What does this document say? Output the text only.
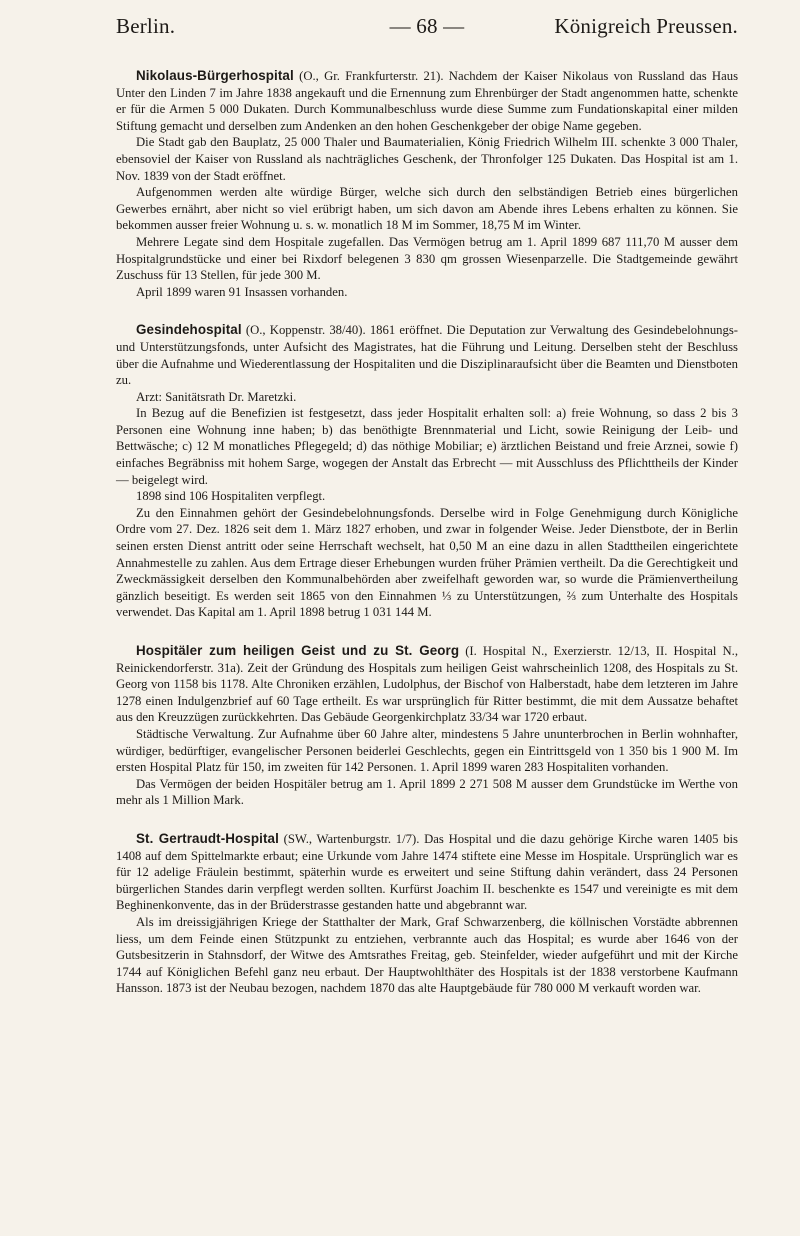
Berlin.	— 68 —	Königreich Preussen.

Nikolaus-Bürgerhospital (O., Gr. Frankfurterstr. 21). Nachdem der Kaiser Nikolaus von Russland das Haus Unter den Linden 7 im Jahre 1838 angekauft und die Ernennung zum Ehrenbürger der Stadt angenommen hatte, schenkte er für die Armen 5 000 Dukaten. Durch Kommunalbeschluss wurde diese Summe zum Fundationskapital einer milden Stiftung gemacht und derselben zum Andenken an den hohen Geschenkgeber der obige Name gegeben.

Die Stadt gab den Bauplatz, 25 000 Thaler und Baumaterialien, König Friedrich Wilhelm III. schenkte 3 000 Thaler, ebensoviel der Kaiser von Russland als nachträgliches Geschenk, der Thronfolger 125 Dukaten. Das Hospital ist am 1. Nov. 1839 von der Stadt eröffnet.

Aufgenommen werden alte würdige Bürger, welche sich durch den selbständigen Betrieb eines bürgerlichen Gewerbes ernährt, aber nicht so viel erübrigt haben, um sich davon am Abende ihres Lebens erhalten zu können. Sie bekommen ausser freier Wohnung u. s. w. monatlich 18 M im Sommer, 18,75 M im Winter.

Mehrere Legate sind dem Hospitale zugefallen. Das Vermögen betrug am 1. April 1899 687 111,70 M ausser dem Hospitalgrundstücke und einer bei Rixdorf belegenen 3 830 qm grossen Wiesenparzelle. Die Stadtgemeinde gewährt Zuschuss für 13 Stellen, für jede 300 M.

April 1899 waren 91 Insassen vorhanden.

Gesindehospital (O., Koppenstr. 38/40). 1861 eröffnet. Die Deputation zur Verwaltung des Gesindebelohnungs- und Unterstützungsfonds, unter Aufsicht des Magistrates, hat die Führung und Leitung. Derselben steht der Beschluss über die Aufnahme und Wiederentlassung der Hospitaliten und die Disziplinaraufsicht über die Beamten und Dienstboten zu.

Arzt: Sanitätsrath Dr. Maretzki.

In Bezug auf die Benefizien ist festgesetzt, dass jeder Hospitalit erhalten soll: a) freie Wohnung, so dass 2 bis 3 Personen eine Wohnung inne haben; b) das benöthigte Brennmaterial und Licht, sowie Reinigung der Leib- und Bettwäsche; c) 12 M monatliches Pflegegeld; d) das nöthige Mobiliar; e) ärztlichen Beistand und freie Arznei, sowie f) einfaches Begräbniss mit hohem Sarge, wogegen der Anstalt das Erbrecht — mit Ausschluss des Pflichttheils der Kinder — beigelegt wird.

1898 sind 106 Hospitaliten verpflegt.

Zu den Einnahmen gehört der Gesindebelohnungsfonds. Derselbe wird in Folge Genehmigung durch Königliche Ordre vom 27. Dez. 1826 seit dem 1. März 1827 erhoben, und zwar in folgender Weise. Jeder Dienstbote, der in Berlin seinen ersten Dienst antritt oder seine Herrschaft wechselt, hat 0,50 M an eine dazu in allen Stadttheilen eingerichtete Annahmestelle zu zahlen. Aus dem Ertrage dieser Erhebungen wurden früher Prämien vertheilt. Da die Gerechtigkeit und Zweckmässigkeit derselben den Kommunalbehörden aber zweifelhaft geworden war, so wurde die Prämienvertheilung gänzlich beseitigt. Es werden seit 1865 von den Einnahmen ⅓ zu Unterstützungen, ⅔ zum Unterhalte des Hospitals verwendet. Das Kapital am 1. April 1898 betrug 1 031 144 M.

Hospitäler zum heiligen Geist und zu St. Georg (I. Hospital N., Exerzierstr. 12/13, II. Hospital N., Reinickendorferstr. 31a). Zeit der Gründung des Hospitals zum heiligen Geist wahrscheinlich 1208, des Hospitals zu St. Georg von 1158 bis 1178. Alte Chroniken erzählen, Ludolphus, der Bischof von Halberstadt, habe dem letzteren im Jahre 1278 einen Indulgenzbrief auf 60 Tage ertheilt. Es war ursprünglich für Ritter bestimmt, die mit dem Aussatze behaftet aus den Kreuzzügen zurückkehrten. Das Gebäude Georgenkirchplatz 33/34 war 1720 erbaut.

Städtische Verwaltung. Zur Aufnahme über 60 Jahre alter, mindestens 5 Jahre ununterbrochen in Berlin wohnhafter, würdiger, bedürftiger, evangelischer Personen beiderlei Geschlechts, gegen ein Eintrittsgeld von 1 350 bis 1 900 M. Im ersten Hospital Platz für 150, im zweiten für 142 Personen. 1. April 1899 waren 283 Hospitaliten vorhanden.

Das Vermögen der beiden Hospitäler betrug am 1. April 1899 2 271 508 M ausser dem Grundstücke im Werthe von mehr als 1 Million Mark.

St. Gertraudt-Hospital (SW., Wartenburgstr. 1/7). Das Hospital und die dazu gehörige Kirche waren 1405 bis 1408 auf dem Spittelmarkte erbaut; eine Urkunde vom Jahre 1474 stiftete eine Messe im Hospitale. Ursprünglich war es für 12 adelige Fräulein bestimmt, späterhin wurde es erweitert und seine Stiftung dahin verändert, dass 24 Personen bürgerlichen Standes darin verpflegt werden sollten. Kurfürst Joachim II. beschenkte es 1547 und vereinigte es mit dem Beghinenkonvente, das in der Brüderstrasse gestanden hatte und abgebrannt war.

Als im dreissigjährigen Kriege der Statthalter der Mark, Graf Schwarzenberg, die köllnischen Vorstädte abbrennen liess, um dem Feinde einen Stützpunkt zu entziehen, verbrannte auch das Hospital; es wurde aber 1646 von der Gutsbesitzerin in Stahnsdorf, der Witwe des Amtsrathes Freitag, geb. Steinfelder, wieder aufgeführt und mit der Kirche 1744 auf Königlichen Befehl ganz neu erbaut. Der Hauptwohlthäter des Hospitals ist der 1838 verstorbene Kaufmann Hansson. 1873 ist der Neubau bezogen, nachdem 1870 das alte Hauptgebäude für 780 000 M verkauft worden war.
